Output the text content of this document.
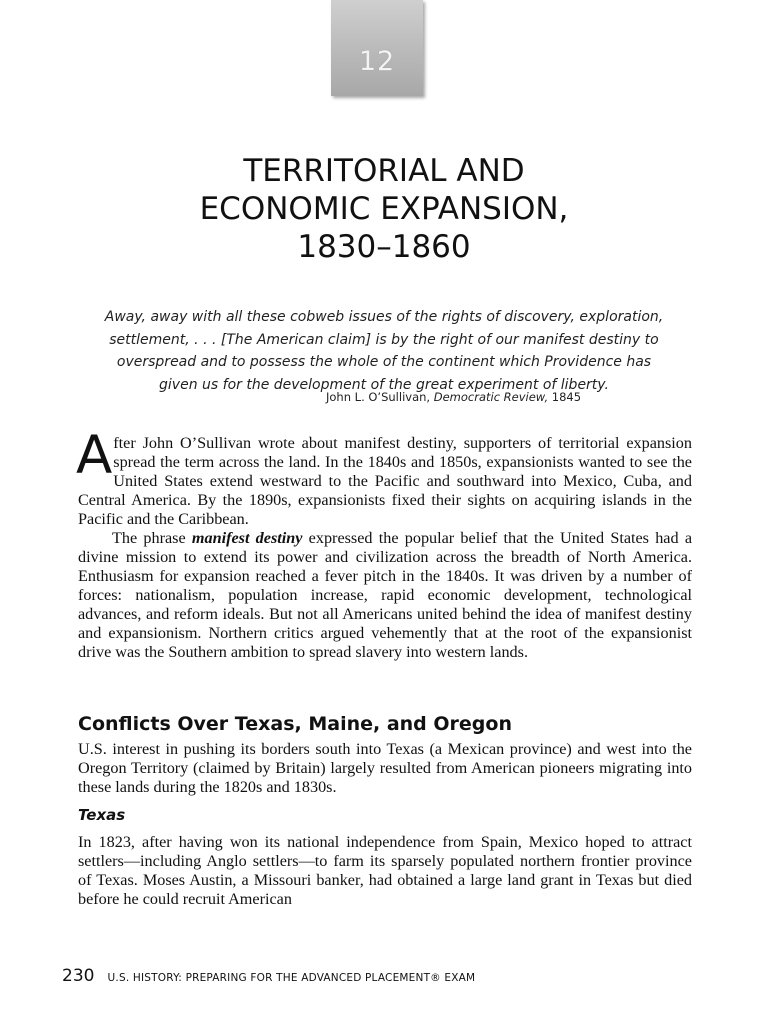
12
TERRITORIAL AND
ECONOMIC EXPANSION,
1830–1860
Away, away with all these cobweb issues of the rights of discovery, exploration,
settlement, . . . [The American claim] is by the right of our manifest destiny to
overspread and to possess the whole of the continent which Providence has
given us for the development of the great experiment of liberty.
John L. O’Sullivan, Democratic Review, 1845

After John O’Sullivan wrote about manifest destiny, supporters of territorial expansion spread the term across the land. In the 1840s and 1850s, expansionists wanted to see the United States extend westward to the Pacific and southward into Mexico, Cuba, and Central America. By the 1890s, expansionists fixed their sights on acquiring islands in the Pacific and the Caribbean.

The phrase manifest destiny expressed the popular belief that the United States had a divine mission to extend its power and civilization across the breadth of North America. Enthusiasm for expansion reached a fever pitch in the 1840s. It was driven by a number of forces: nationalism, population increase, rapid economic development, technological advances, and reform ideals. But not all Americans united behind the idea of manifest destiny and expansionism. Northern critics argued vehemently that at the root of the expansionist drive was the Southern ambition to spread slavery into western lands.

Conflicts Over Texas, Maine, and Oregon
U.S. interest in pushing its borders south into Texas (a Mexican province) and west into the Oregon Territory (claimed by Britain) largely resulted from American pioneers migrating into these lands during the 1820s and 1830s.
Texas
In 1823, after having won its national independence from Spain, Mexico hoped to attract settlers—including Anglo settlers—to farm its sparsely populated northern frontier province of Texas. Moses Austin, a Missouri banker, had obtained a large land grant in Texas but died before he could recruit American
230 U.S. HISTORY: PREPARING FOR THE ADVANCED PLACEMENT® EXAM
